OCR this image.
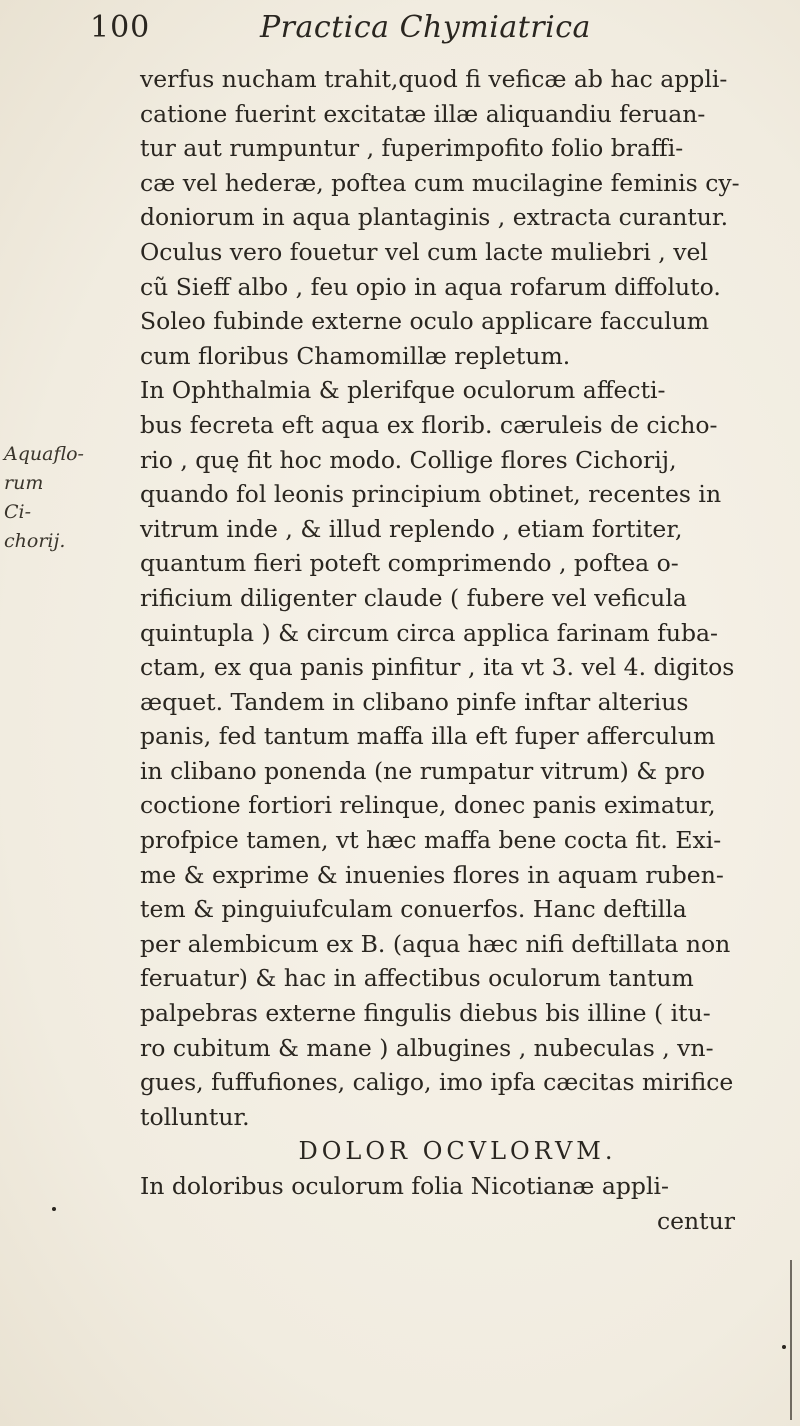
100	Practica Chymiatrica
Aquaflo-
rum Ci-
chorij.
verfus nucham trahit,quod fi veficæ ab hac appli-
catione fuerint excitatæ illæ aliquandiu feruan-
tur aut rumpuntur , fuperimpofito folio braffi-
cæ vel hederæ, poftea cum mucilagine feminis cy-
doniorum in aqua plantaginis , extracta curantur.
Oculus vero fouetur vel cum lacte muliebri , vel
cũ Sieff albo , feu opio in aqua rofarum diffoluto.
Soleo fubinde externe oculo applicare facculum
cum floribus Chamomillæ repletum.
In Ophthalmia & plerifque oculorum affecti-
bus fecreta eft aqua ex florib. cæruleis de cicho-
rio , quę fit hoc modo. Collige flores Cichorij,
quando fol leonis principium obtinet, recentes in
vitrum inde , & illud replendo , etiam fortiter,
quantum fieri poteft comprimendo , poftea o-
rificium diligenter claude ( fubere vel veficula
quintupla ) & circum circa applica farinam fuba-
ctam, ex qua panis pinfitur , ita vt 3. vel 4. digitos
æquet. Tandem in clibano pinfe inftar alterius
panis, fed tantum maffa illa eft fuper afferculum
in clibano ponenda (ne rumpatur vitrum) & pro
coctione fortiori relinque, donec panis eximatur,
profpice tamen, vt hæc maffa bene cocta fit. Exi-
me & exprime & inuenies flores in aquam ruben-
tem & pinguiufculam conuerfos. Hanc deftilla
per alembicum ex B. (aqua hæc nifi deftillata non
feruatur) & hac in affectibus oculorum tantum
palpebras externe fingulis diebus bis illine ( itu-
ro cubitum & mane ) albugines , nubeculas , vn-
gues, fuffufiones, caligo, imo ipfa cæcitas mirifice
tolluntur.
DOLOR OCVLORVM.
In doloribus oculorum folia Nicotianæ appli-
centur
